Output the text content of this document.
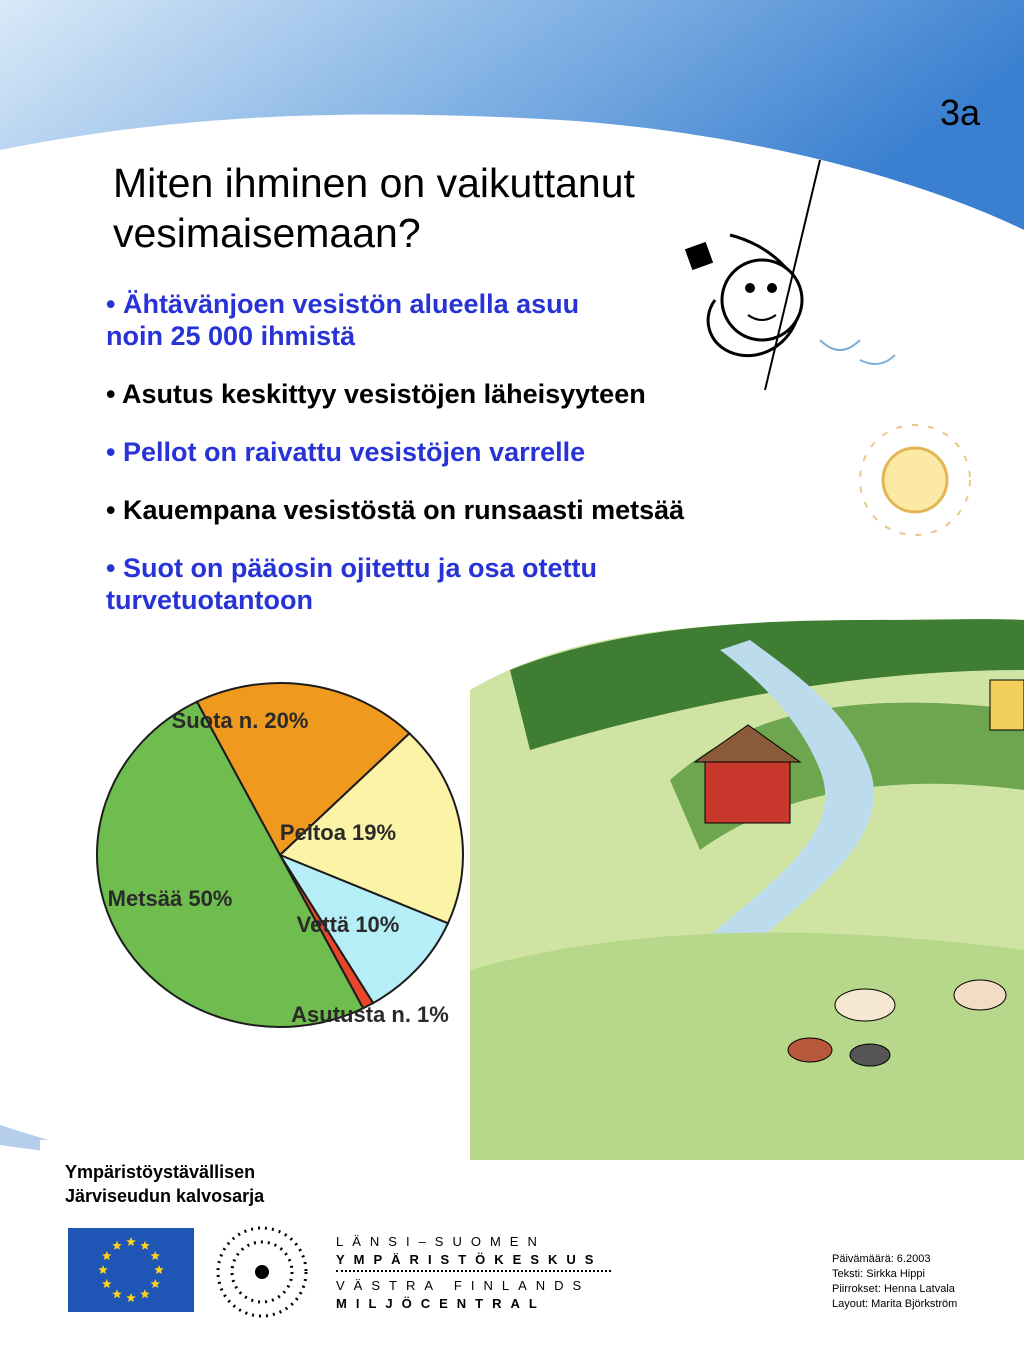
3a
Miten ihminen on vaikuttanut
vesimaisemaan?
• Ähtävänjoen vesistön alueella asuu noin 25 000 ihmistä
• Asutus keskittyy vesistöjen läheisyyteen
• Pellot on raivattu vesistöjen varrelle
• Kauempana vesistöstä on runsaasti metsää
• Suot on pääosin ojitettu ja osa otettu turvetuotantoon
Suota n. 20%
Peltoa 19%
Vettä 10%
Asutusta n. 1%
Metsää 50%
Ympäristöystävällisen
Järviseudun kalvosarja
LÄNSI–SUOMEN
YMPÄRISTÖKESKUS
VÄSTRA FINLANDS
MILJÖCENTRAL
Päivämäärä: 6.2003
Teksti: Sirkka Hippi
Piirrokset: Henna Latvala
Layout: Marita Björkström
